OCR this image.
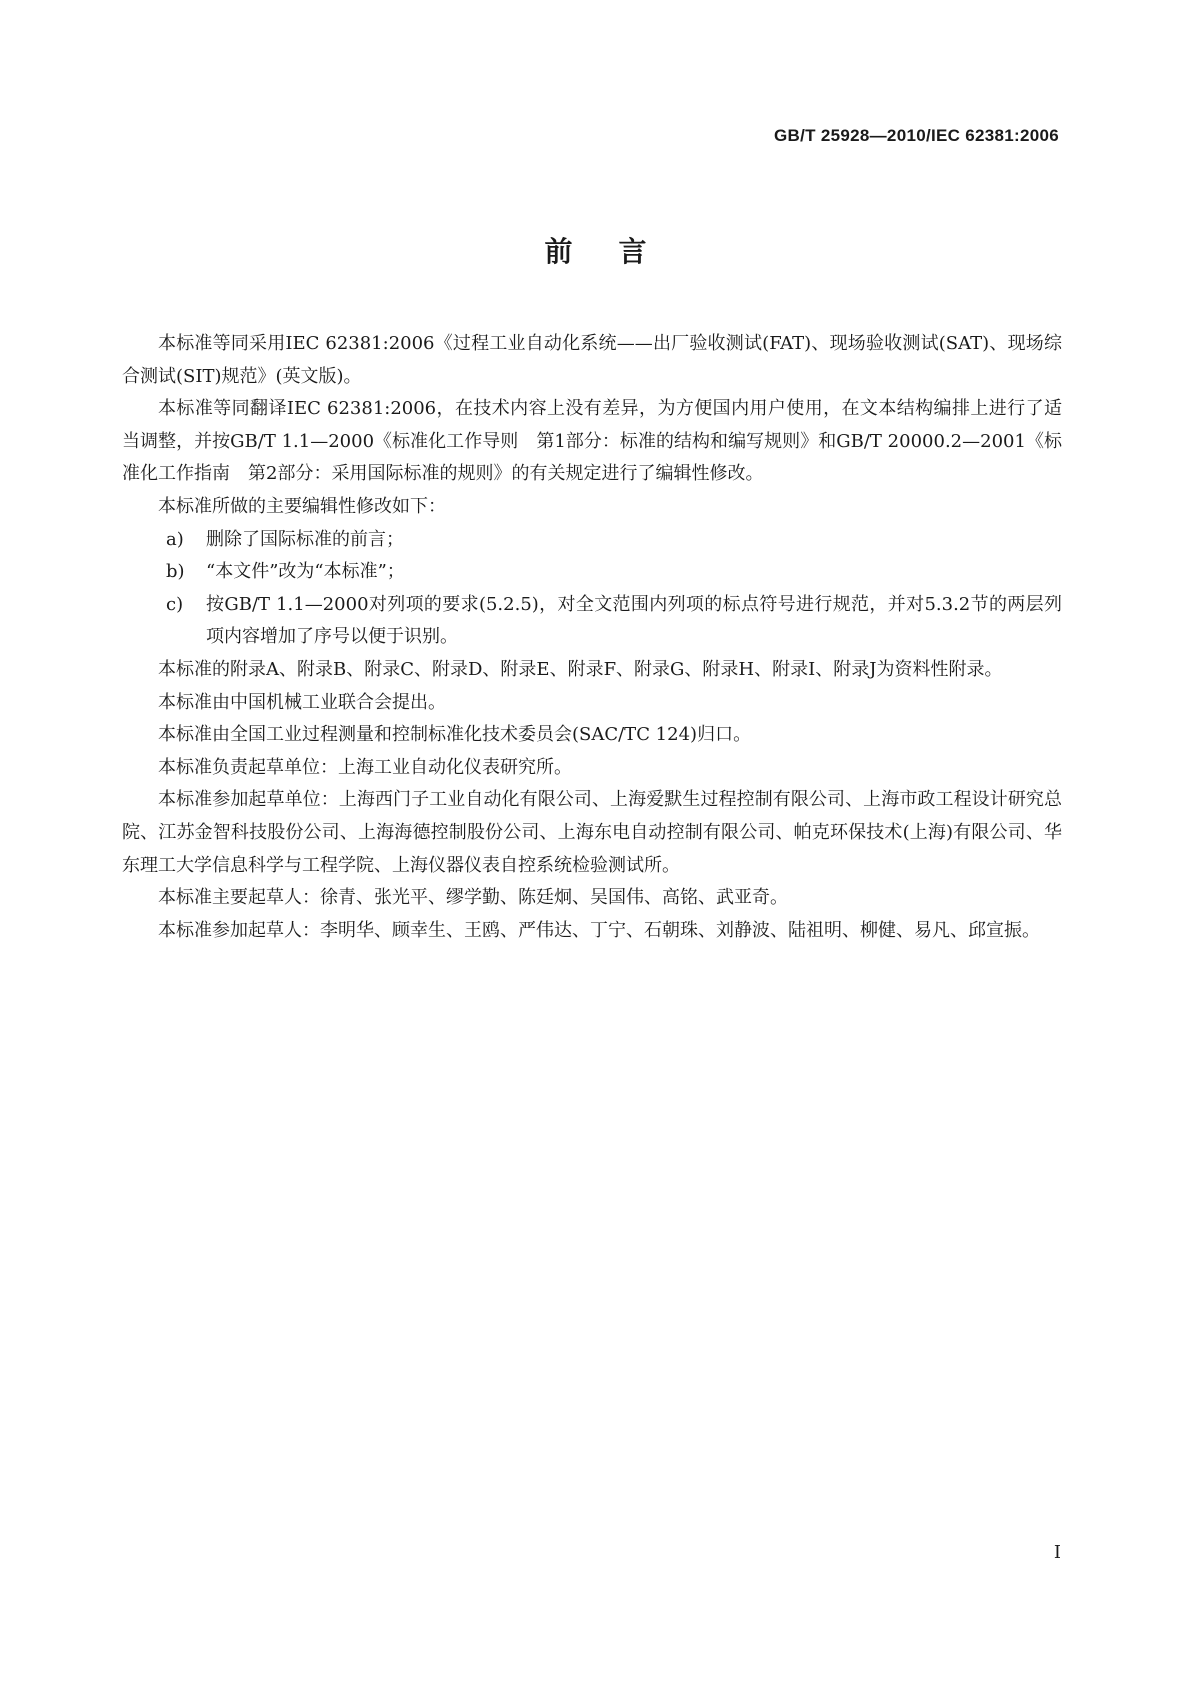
GB/T 25928—2010/IEC 62381:2006
前言

本标准等同采用IEC 62381:2006《过程工业自动化系统——出厂验收测试(FAT)、现场验收测试(SAT)、现场综合测试(SIT)规范》(英文版)。

本标准等同翻译IEC 62381:2006，在技术内容上没有差异，为方便国内用户使用，在文本结构编排上进行了适当调整，并按GB/T 1.1—2000《标准化工作导则　第1部分：标准的结构和编写规则》和GB/T 20000.2—2001《标准化工作指南　第2部分：采用国际标准的规则》的有关规定进行了编辑性修改。

本标准所做的主要编辑性修改如下：

a) 删除了国际标准的前言；
b) “本文件”改为“本标准”；
c) 按GB/T 1.1—2000对列项的要求(5.2.5)，对全文范围内列项的标点符号进行规范，并对5.3.2节的两层列项内容增加了序号以便于识别。

本标准的附录A、附录B、附录C、附录D、附录E、附录F、附录G、附录H、附录I、附录J为资料性附录。

本标准由中国机械工业联合会提出。

本标准由全国工业过程测量和控制标准化技术委员会(SAC/TC 124)归口。

本标准负责起草单位：上海工业自动化仪表研究所。

本标准参加起草单位：上海西门子工业自动化有限公司、上海爱默生过程控制有限公司、上海市政工程设计研究总院、江苏金智科技股份公司、上海海德控制股份公司、上海东电自动控制有限公司、帕克环保技术(上海)有限公司、华东理工大学信息科学与工程学院、上海仪器仪表自控系统检验测试所。

本标准主要起草人：徐青、张光平、缪学勤、陈廷炯、吴国伟、高铭、武亚奇。

本标准参加起草人：李明华、顾幸生、王鸥、严伟达、丁宁、石朝珠、刘静波、陆祖明、柳健、易凡、邱宣振。

I
